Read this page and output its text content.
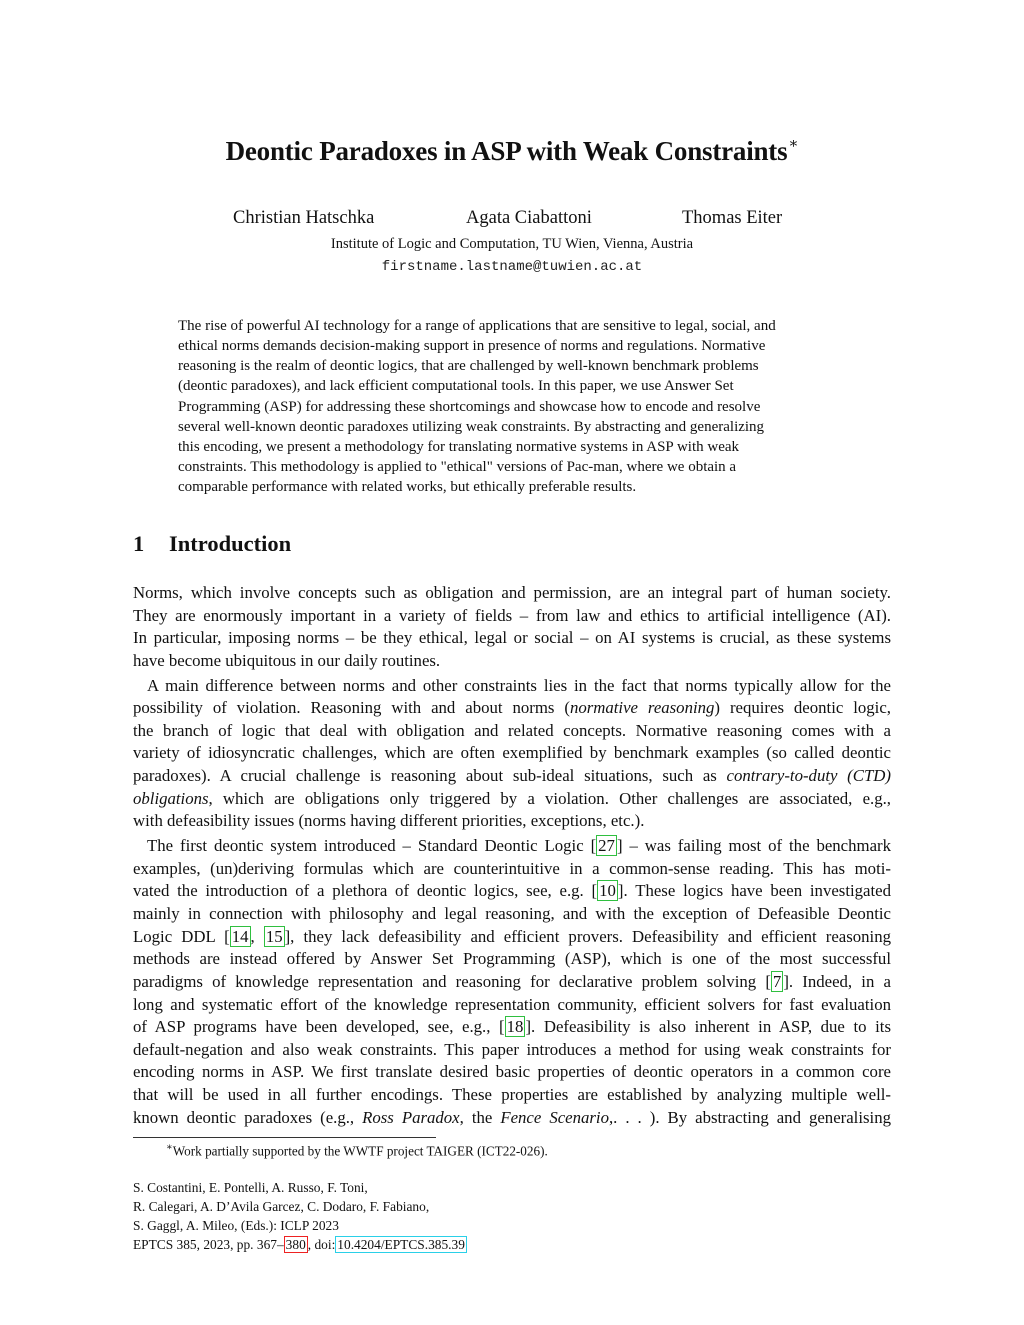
Deontic Paradoxes in ASP with Weak Constraints∗
Christian Hatschka	Agata Ciabattoni	Thomas Eiter
Institute of Logic and Computation, TU Wien, Vienna, Austria
firstname.lastname@tuwien.ac.at
The rise of powerful AI technology for a range of applications that are sensitive to legal, social, and
ethical norms demands decision-making support in presence of norms and regulations. Normative
reasoning is the realm of deontic logics, that are challenged by well-known benchmark problems
(deontic paradoxes), and lack efficient computational tools. In this paper, we use Answer Set
Programming (ASP) for addressing these shortcomings and showcase how to encode and resolve
several well-known deontic paradoxes utilizing weak constraints. By abstracting and generalizing
this encoding, we present a methodology for translating normative systems in ASP with weak
constraints. This methodology is applied to "ethical" versions of Pac-man, where we obtain a
comparable performance with related works, but ethically preferable results.
1 Introduction
Norms, which involve concepts such as obligation and permission, are an integral part of human society.
They are enormously important in a variety of fields – from law and ethics to artificial intelligence (AI).
In particular, imposing norms – be they ethical, legal or social – on AI systems is crucial, as these systems
have become ubiquitous in our daily routines.
A main difference between norms and other constraints lies in the fact that norms typically allow for the
possibility of violation. Reasoning with and about norms (normative reasoning) requires deontic logic,
the branch of logic that deal with obligation and related concepts. Normative reasoning comes with a
variety of idiosyncratic challenges, which are often exemplified by benchmark examples (so called deontic
paradoxes). A crucial challenge is reasoning about sub-ideal situations, such as contrary-to-duty (CTD)
obligations, which are obligations only triggered by a violation. Other challenges are associated, e.g.,
with defeasibility issues (norms having different priorities, exceptions, etc.).
The first deontic system introduced – Standard Deontic Logic [ 27 ] – was failing most of the benchmark
examples, (un)deriving formulas which are counterintuitive in a common-sense reading. This has moti-
vated the introduction of a plethora of deontic logics, see, e.g. [ 10 ]. These logics have been investigated
mainly in connection with philosophy and legal reasoning, and with the exception of Defeasible Deontic
Logic DDL [ 14 , 15 ], they lack defeasibility and efficient provers. Defeasibility and efficient reasoning
methods are instead offered by Answer Set Programming (ASP), which is one of the most successful
paradigms of knowledge representation and reasoning for declarative problem solving [ 7 ]. Indeed, in a
long and systematic effort of the knowledge representation community, efficient solvers for fast evaluation
of ASP programs have been developed, see, e.g., [ 18 ]. Defeasibility is also inherent in ASP, due to its
default-negation and also weak constraints. This paper introduces a method for using weak constraints for
encoding norms in ASP. We first translate desired basic properties of deontic operators in a common core
that will be used in all further encodings. These properties are established by analyzing multiple well-
known deontic paradoxes (e.g., Ross Paradox, the Fence Scenario,. . . ). By abstracting and generalising
∗Work partially supported by the WWTF project TAIGER (ICT22-026).
S. Costantini, E. Pontelli, A. Russo, F. Toni,
R. Calegari, A. D’Avila Garcez, C. Dodaro, F. Fabiano,
S. Gaggl, A. Mileo, (Eds.): ICLP 2023
EPTCS 385, 2023, pp. 367– 380 , doi: 10.4204/EPTCS.385.39
